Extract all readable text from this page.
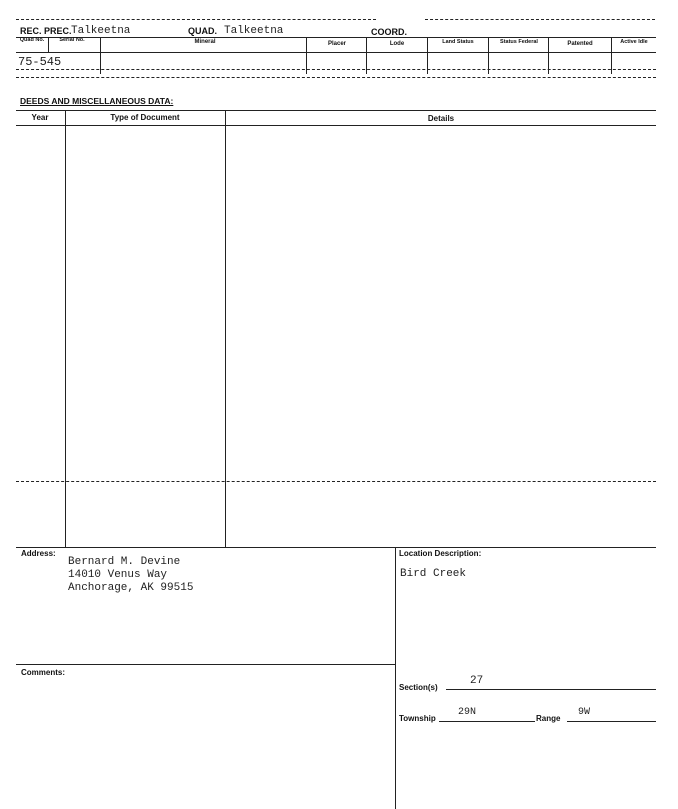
REC. PREC. Talkeetna	QUAD. Talkeetna	COORD.
Quad No.	Serial No.	Mineral	Placer	Lode	Land Status	Status Federal	Patented	Active Idle
75-545
DEEDS AND MISCELLANEOUS DATA:
Year	Type of Document	Details
Address:
Bernard M. Devine
14010 Venus Way
Anchorage, AK 99515
Location Description:
Bird Creek
Comments:
Section(s)
27
Township
29N
Range
9W
